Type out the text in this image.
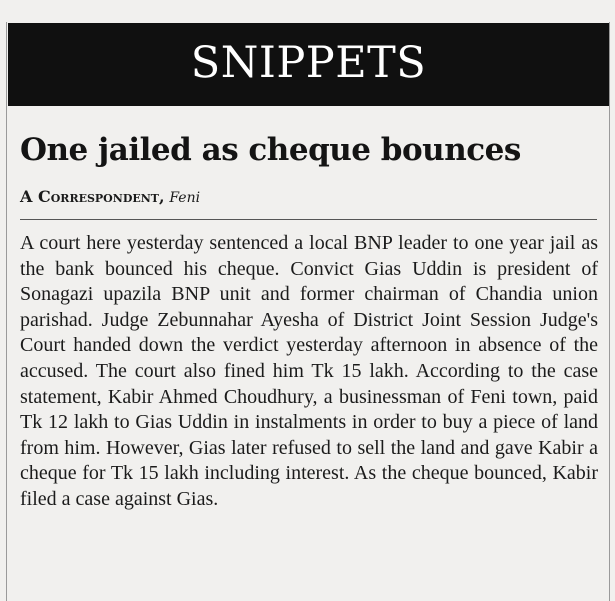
SNIPPETS
One jailed as cheque bounces
A Correspondent, Feni

A court here yesterday sentenced a local BNP leader to one year jail as the bank bounced his cheque. Convict Gias Uddin is president of Sonagazi upazila BNP unit and former chairman of Chandia union parishad. Judge Zebunnahar Ayesha of District Joint Session Judge's Court handed down the verdict yesterday afternoon in absence of the accused. The court also fined him Tk 15 lakh. According to the case statement, Kabir Ahmed Choudhury, a businessman of Feni town, paid Tk 12 lakh to Gias Uddin in instalments in order to buy a piece of land from him. However, Gias later refused to sell the land and gave Kabir a cheque for Tk 15 lakh including interest. As the cheque bounced, Kabir filed a case against Gias.
